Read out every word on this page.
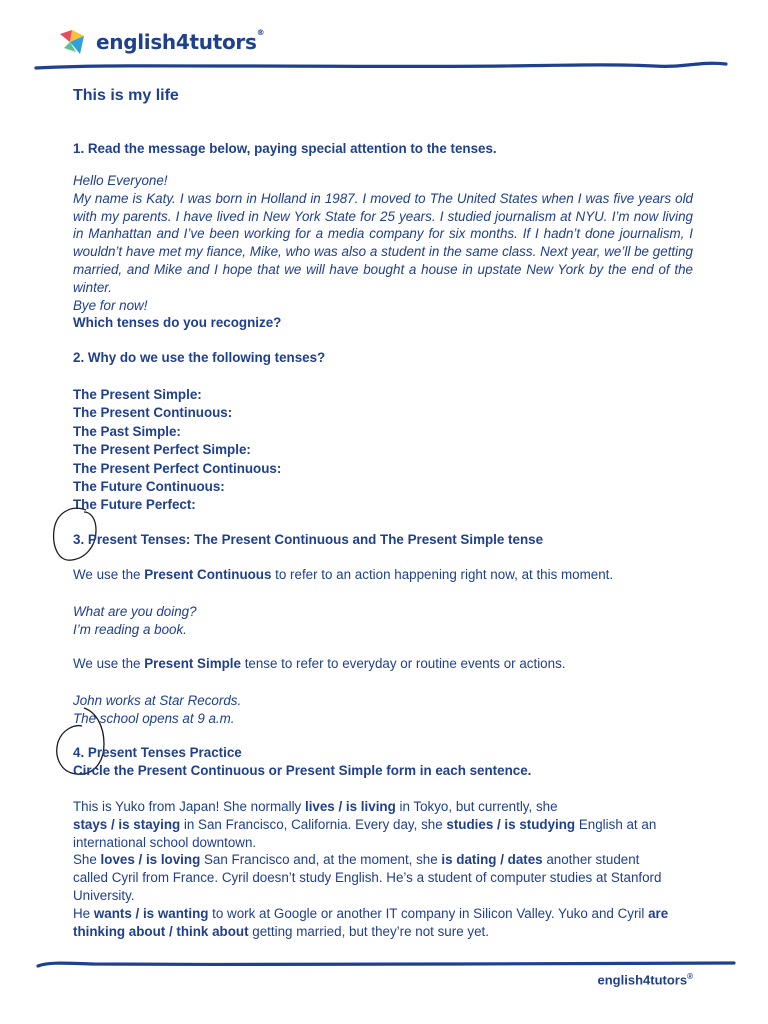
english4tutors®
This is my life

1. Read the message below, paying special attention to the tenses.

Hello Everyone!
My name is Katy. I was born in Holland in 1987. I moved to The United States when I was five years old with my parents. I have lived in New York State for 25 years. I studied journalism at NYU. I’m now living in Manhattan and I’ve been working for a media company for six months. If I hadn’t done journalism, I wouldn’t have met my fiance, Mike, who was also a student in the same class. Next year, we’ll be getting married, and Mike and I hope that we will have bought a house in upstate New York by the end of the winter.
Bye for now!

Which tenses do you recognize?

2. Why do we use the following tenses?

The Present Simple:
The Present Continuous:
The Past Simple:
The Present Perfect Simple:
The Present Perfect Continuous:
The Future Continuous:
The Future Perfect:

3. Present Tenses: The Present Continuous and The Present Simple tense

We use the Present Continuous to refer to an action happening right now, at this moment.

What are you doing?
I’m reading a book.

We use the Present Simple tense to refer to everyday or routine events or actions.

John works at Star Records.
The school opens at 9 a.m.

4. Present Tenses Practice

Circle the Present Continuous or Present Simple form in each sentence.

This is Yuko from Japan! She normally lives / is living in Tokyo, but currently, she
stays / is staying in San Francisco, California. Every day, she studies / is studying English at an
international school downtown.
She loves / is loving San Francisco and, at the moment, she is dating / dates another student
called Cyril from France. Cyril doesn’t study English. He’s a student of computer studies at Stanford
University.
He wants / is wanting to work at Google or another IT company in Silicon Valley. Yuko and Cyril are
thinking about / think about getting married, but they’re not sure yet.
english4tutors®
